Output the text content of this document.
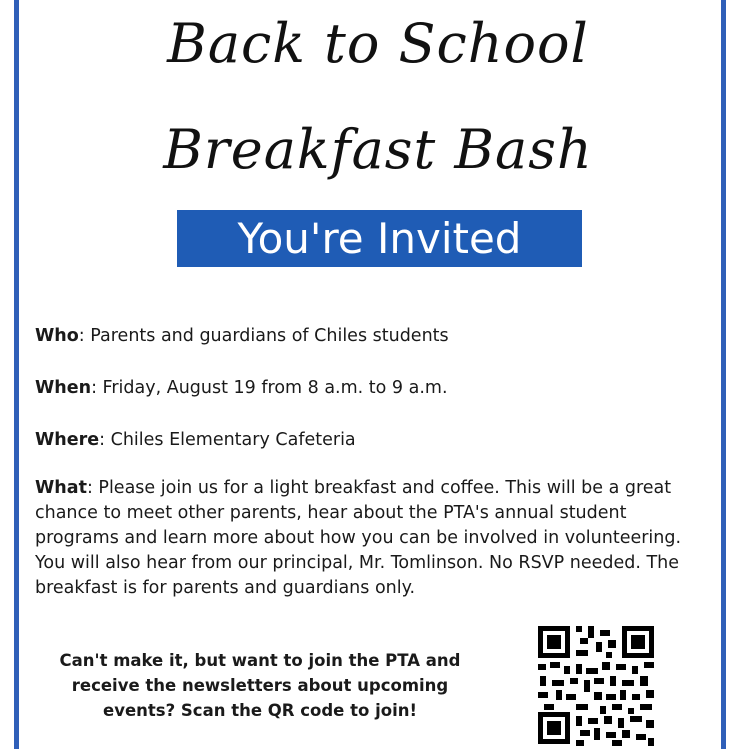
Back to School
Breakfast Bash
You're Invited
Who: Parents and guardians of Chiles students
When: Friday, August 19 from 8 a.m. to 9 a.m.
Where: Chiles Elementary Cafeteria
What: Please join us for a light breakfast and coffee. This will be a great chance to meet other parents, hear about the PTA's annual student programs and learn more about how you can be involved in volunteering. You will also hear from our principal, Mr. Tomlinson. No RSVP needed. The breakfast is for parents and guardians only.
Can't make it, but want to join the PTA and receive the newsletters about upcoming events? Scan the QR code to join!
